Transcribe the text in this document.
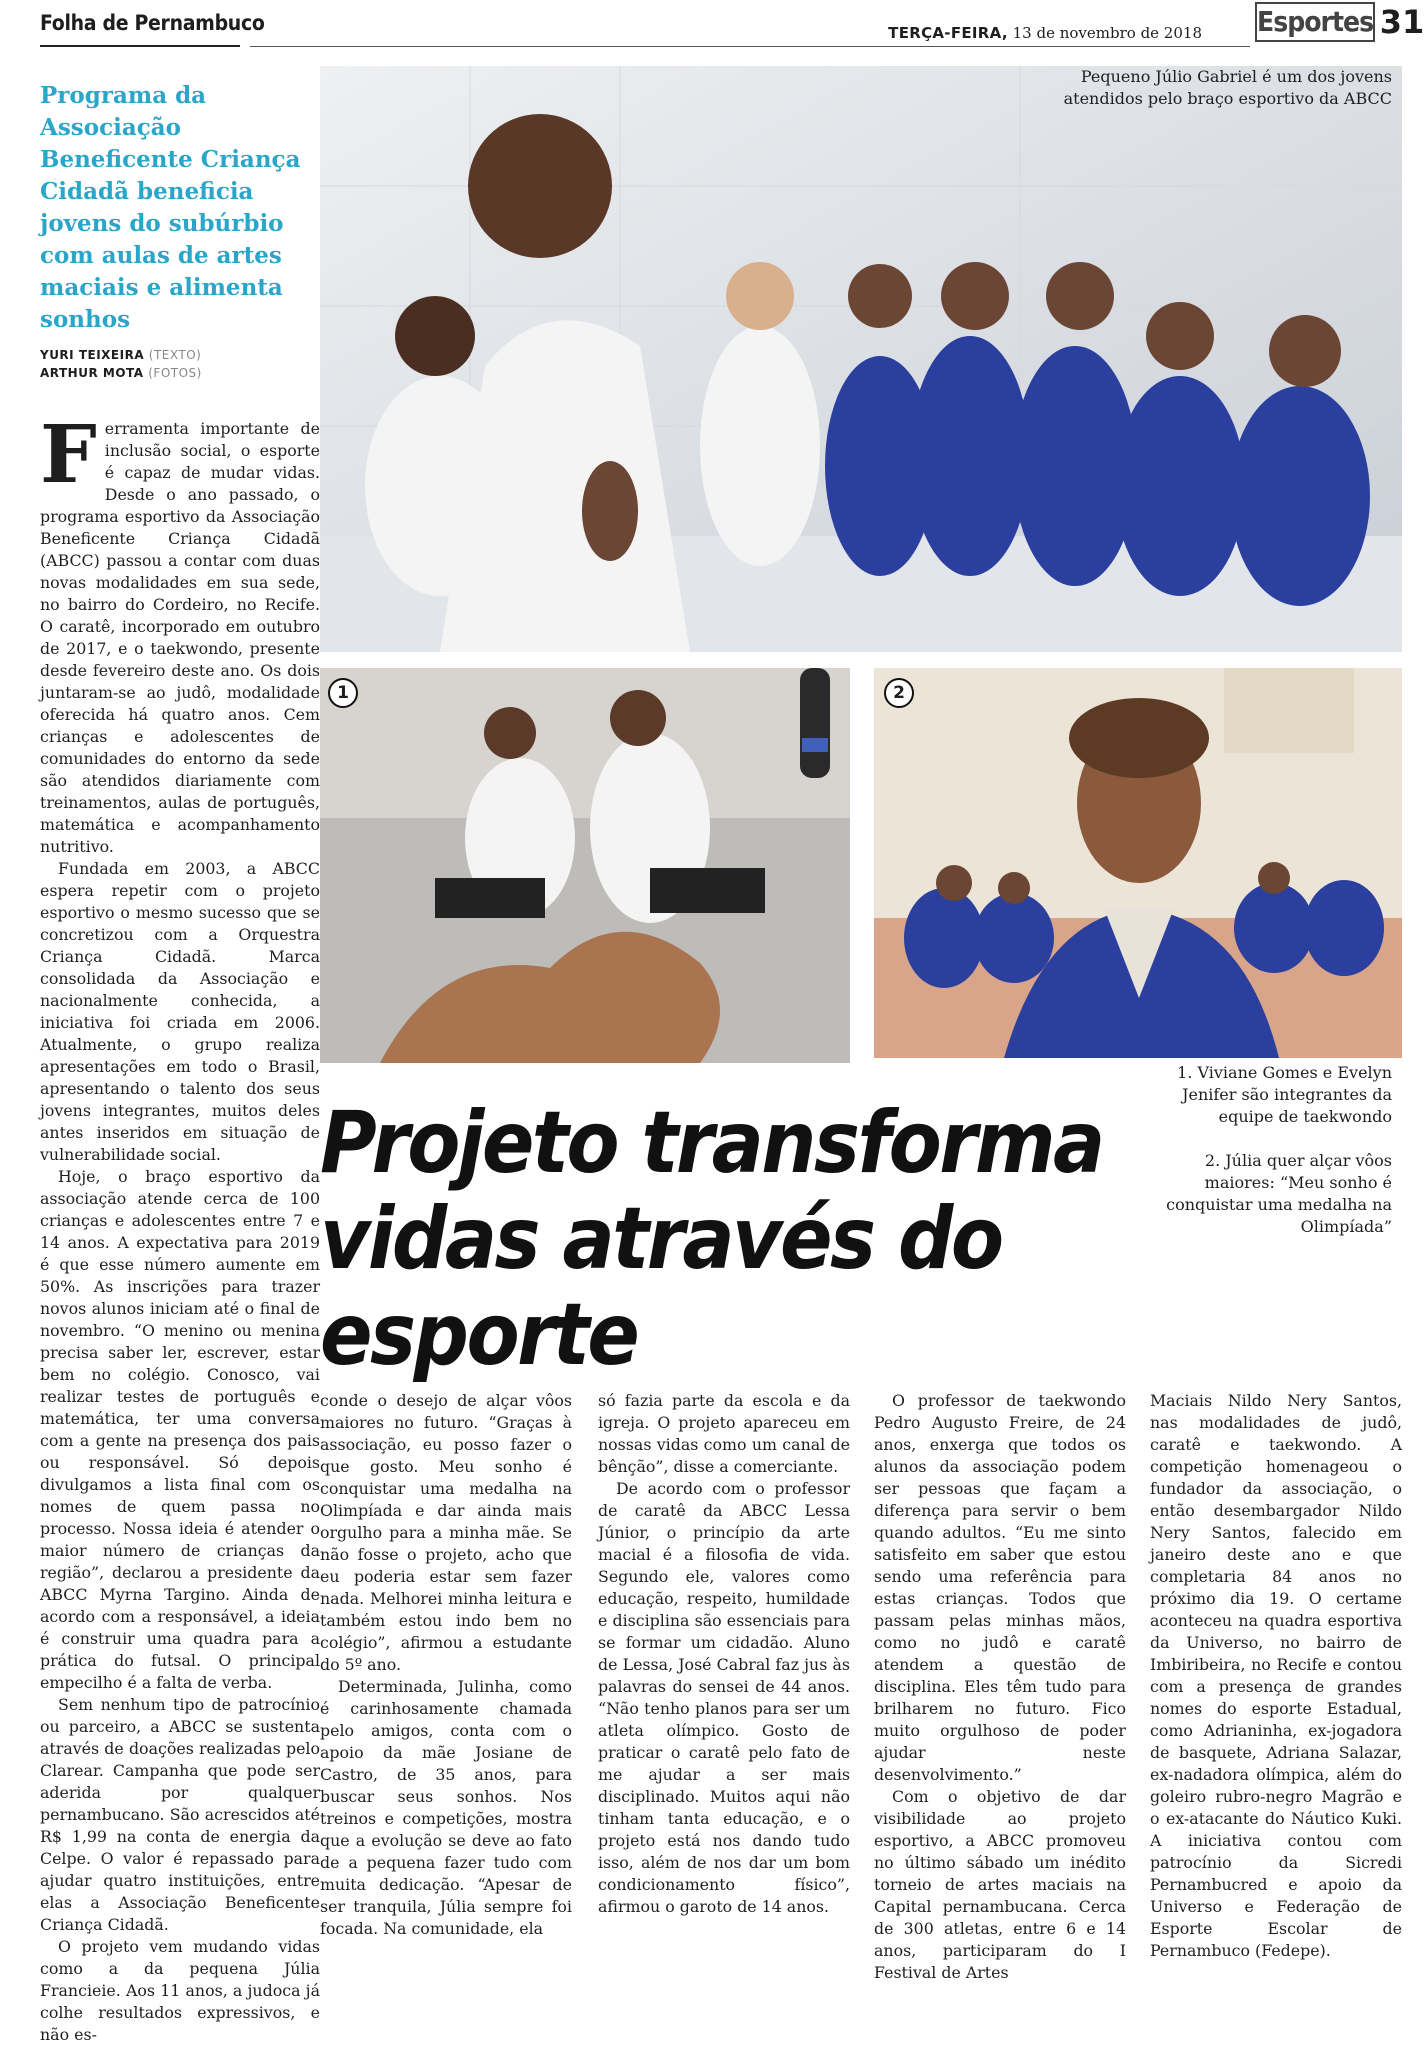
Folha de Pernambuco	TERÇA-FEIRA, 13 de novembro de 2018 Esportes 31
Programa da Associação Beneficente Criança Cidadã beneficia jovens do subúrbio com aulas de artes maciais e alimenta sonhos
YURI TEIXEIRA (TEXTO)
ARTHUR MOTA (FOTOS)

Ferramenta importante de inclusão social, o esporte é capaz de mudar vidas. Desde o ano passado, o programa esportivo da Associação Beneficente Criança Cidadã (ABCC) passou a contar com duas novas modalidades em sua sede, no bairro do Cordeiro, no Recife. O caratê, incorporado em outubro de 2017, e o taekwondo, presente desde fevereiro deste ano. Os dois juntaram-se ao judô, modalidade oferecida há quatro anos. Cem crianças e adolescentes de comunidades do entorno da sede são atendidos diariamente com treinamentos, aulas de português, matemática e acompanhamento nutritivo.

Fundada em 2003, a ABCC espera repetir com o projeto esportivo o mesmo sucesso que se concretizou com a Orquestra Criança Cidadã. Marca consolidada da Associação e nacionalmente conhecida, a iniciativa foi criada em 2006. Atualmente, o grupo realiza apresentações em todo o Brasil, apresentando o talento dos seus jovens integrantes, muitos deles antes inseridos em situação de vulnerabilidade social.

Hoje, o braço esportivo da associação atende cerca de 100 crianças e adolescentes entre 7 e 14 anos. A expectativa para 2019 é que esse número aumente em 50%. As inscrições para trazer novos alunos iniciam até o final de novembro. “O menino ou menina precisa saber ler, escrever, estar bem no colégio. Conosco, vai realizar testes de português e matemática, ter uma conversa com a gente na presença dos pais ou responsável. Só depois divulgamos a lista final com os nomes de quem passa no processo. Nossa ideia é atender o maior número de crianças da região”, declarou a presidente da ABCC Myrna Targino. Ainda de acordo com a responsável, a ideia é construir uma quadra para a prática do futsal. O principal empecilho é a falta de verba.

Sem nenhum tipo de patrocínio ou parceiro, a ABCC se sustenta através de doações realizadas pelo Clarear. Campanha que pode ser aderida por qualquer pernambucano. São acrescidos até R$ 1,99 na conta de energia da Celpe. O valor é repassado para ajudar quatro instituições, entre elas a Associação Beneficente Criança Cidadã.

O projeto vem mudando vidas como a da pequena Júlia Francieie. Aos 11 anos, a judoca já colhe resultados expressivos, e não es-

Pequeno Júlio Gabriel é um dos jovens atendidos pelo braço esportivo da ABCC
1	2
1. Viviane Gomes e Evelyn Jenifer são integrantes da equipe de taekwondo
2. Júlia quer alçar vôos maiores: “Meu sonho é conquistar uma medalha na Olimpíada”
Projeto transforma
vidas através do esporte

conde o desejo de alçar vôos maiores no futuro. “Graças à associação, eu posso fazer o que gosto. Meu sonho é conquistar uma medalha na Olimpíada e dar ainda mais orgulho para a minha mãe. Se não fosse o projeto, acho que eu poderia estar sem fazer nada. Melhorei minha leitura e também estou indo bem no colégio”, afirmou a estudante do 5º ano.

Determinada, Julinha, como é carinhosamente chamada pelo amigos, conta com o apoio da mãe Josiane de Castro, de 35 anos, para buscar seus sonhos. Nos treinos e competições, mostra que a evolução se deve ao fato de a pequena fazer tudo com muita dedicação. “Apesar de ser tranquila, Júlia sempre foi focada. Na comunidade, ela

só fazia parte da escola e da igreja. O projeto apareceu em nossas vidas como um canal de bênção”, disse a comerciante.

De acordo com o professor de caratê da ABCC Lessa Júnior, o princípio da arte macial é a filosofia de vida. Segundo ele, valores como educação, respeito, humildade e disciplina são essenciais para se formar um cidadão. Aluno de Lessa, José Cabral faz jus às palavras do sensei de 44 anos. “Não tenho planos para ser um atleta olímpico. Gosto de praticar o caratê pelo fato de me ajudar a ser mais disciplinado. Muitos aqui não tinham tanta educação, e o projeto está nos dando tudo isso, além de nos dar um bom condicionamento físico”, afirmou o garoto de 14 anos.

O professor de taekwondo Pedro Augusto Freire, de 24 anos, enxerga que todos os alunos da associação podem ser pessoas que façam a diferença para servir o bem quando adultos. “Eu me sinto satisfeito em saber que estou sendo uma referência para estas crianças. Todos que passam pelas minhas mãos, como no judô e caratê atendem a questão de disciplina. Eles têm tudo para brilharem no futuro. Fico muito orgulhoso de poder ajudar neste desenvolvimento.”

Com o objetivo de dar visibilidade ao projeto esportivo, a ABCC promoveu no último sábado um inédito torneio de artes maciais na Capital pernambucana. Cerca de 300 atletas, entre 6 e 14 anos, participaram do I Festival de Artes

Maciais Nildo Nery Santos, nas modalidades de judô, caratê e taekwondo. A competição homenageou o fundador da associação, o então desembargador Nildo Nery Santos, falecido em janeiro deste ano e que completaria 84 anos no próximo dia 19. O certame aconteceu na quadra esportiva da Universo, no bairro de Imbiribeira, no Recife e contou com a presença de grandes nomes do esporte Estadual, como Adrianinha, ex-jogadora de basquete, Adriana Salazar, ex-nadadora olímpica, além do goleiro rubro-negro Magrão e o ex-atacante do Náutico Kuki. A iniciativa contou com patrocínio da Sicredi Pernambucred e apoio da Universo e Federação de Esporte Escolar de Pernambuco (Fedepe).
